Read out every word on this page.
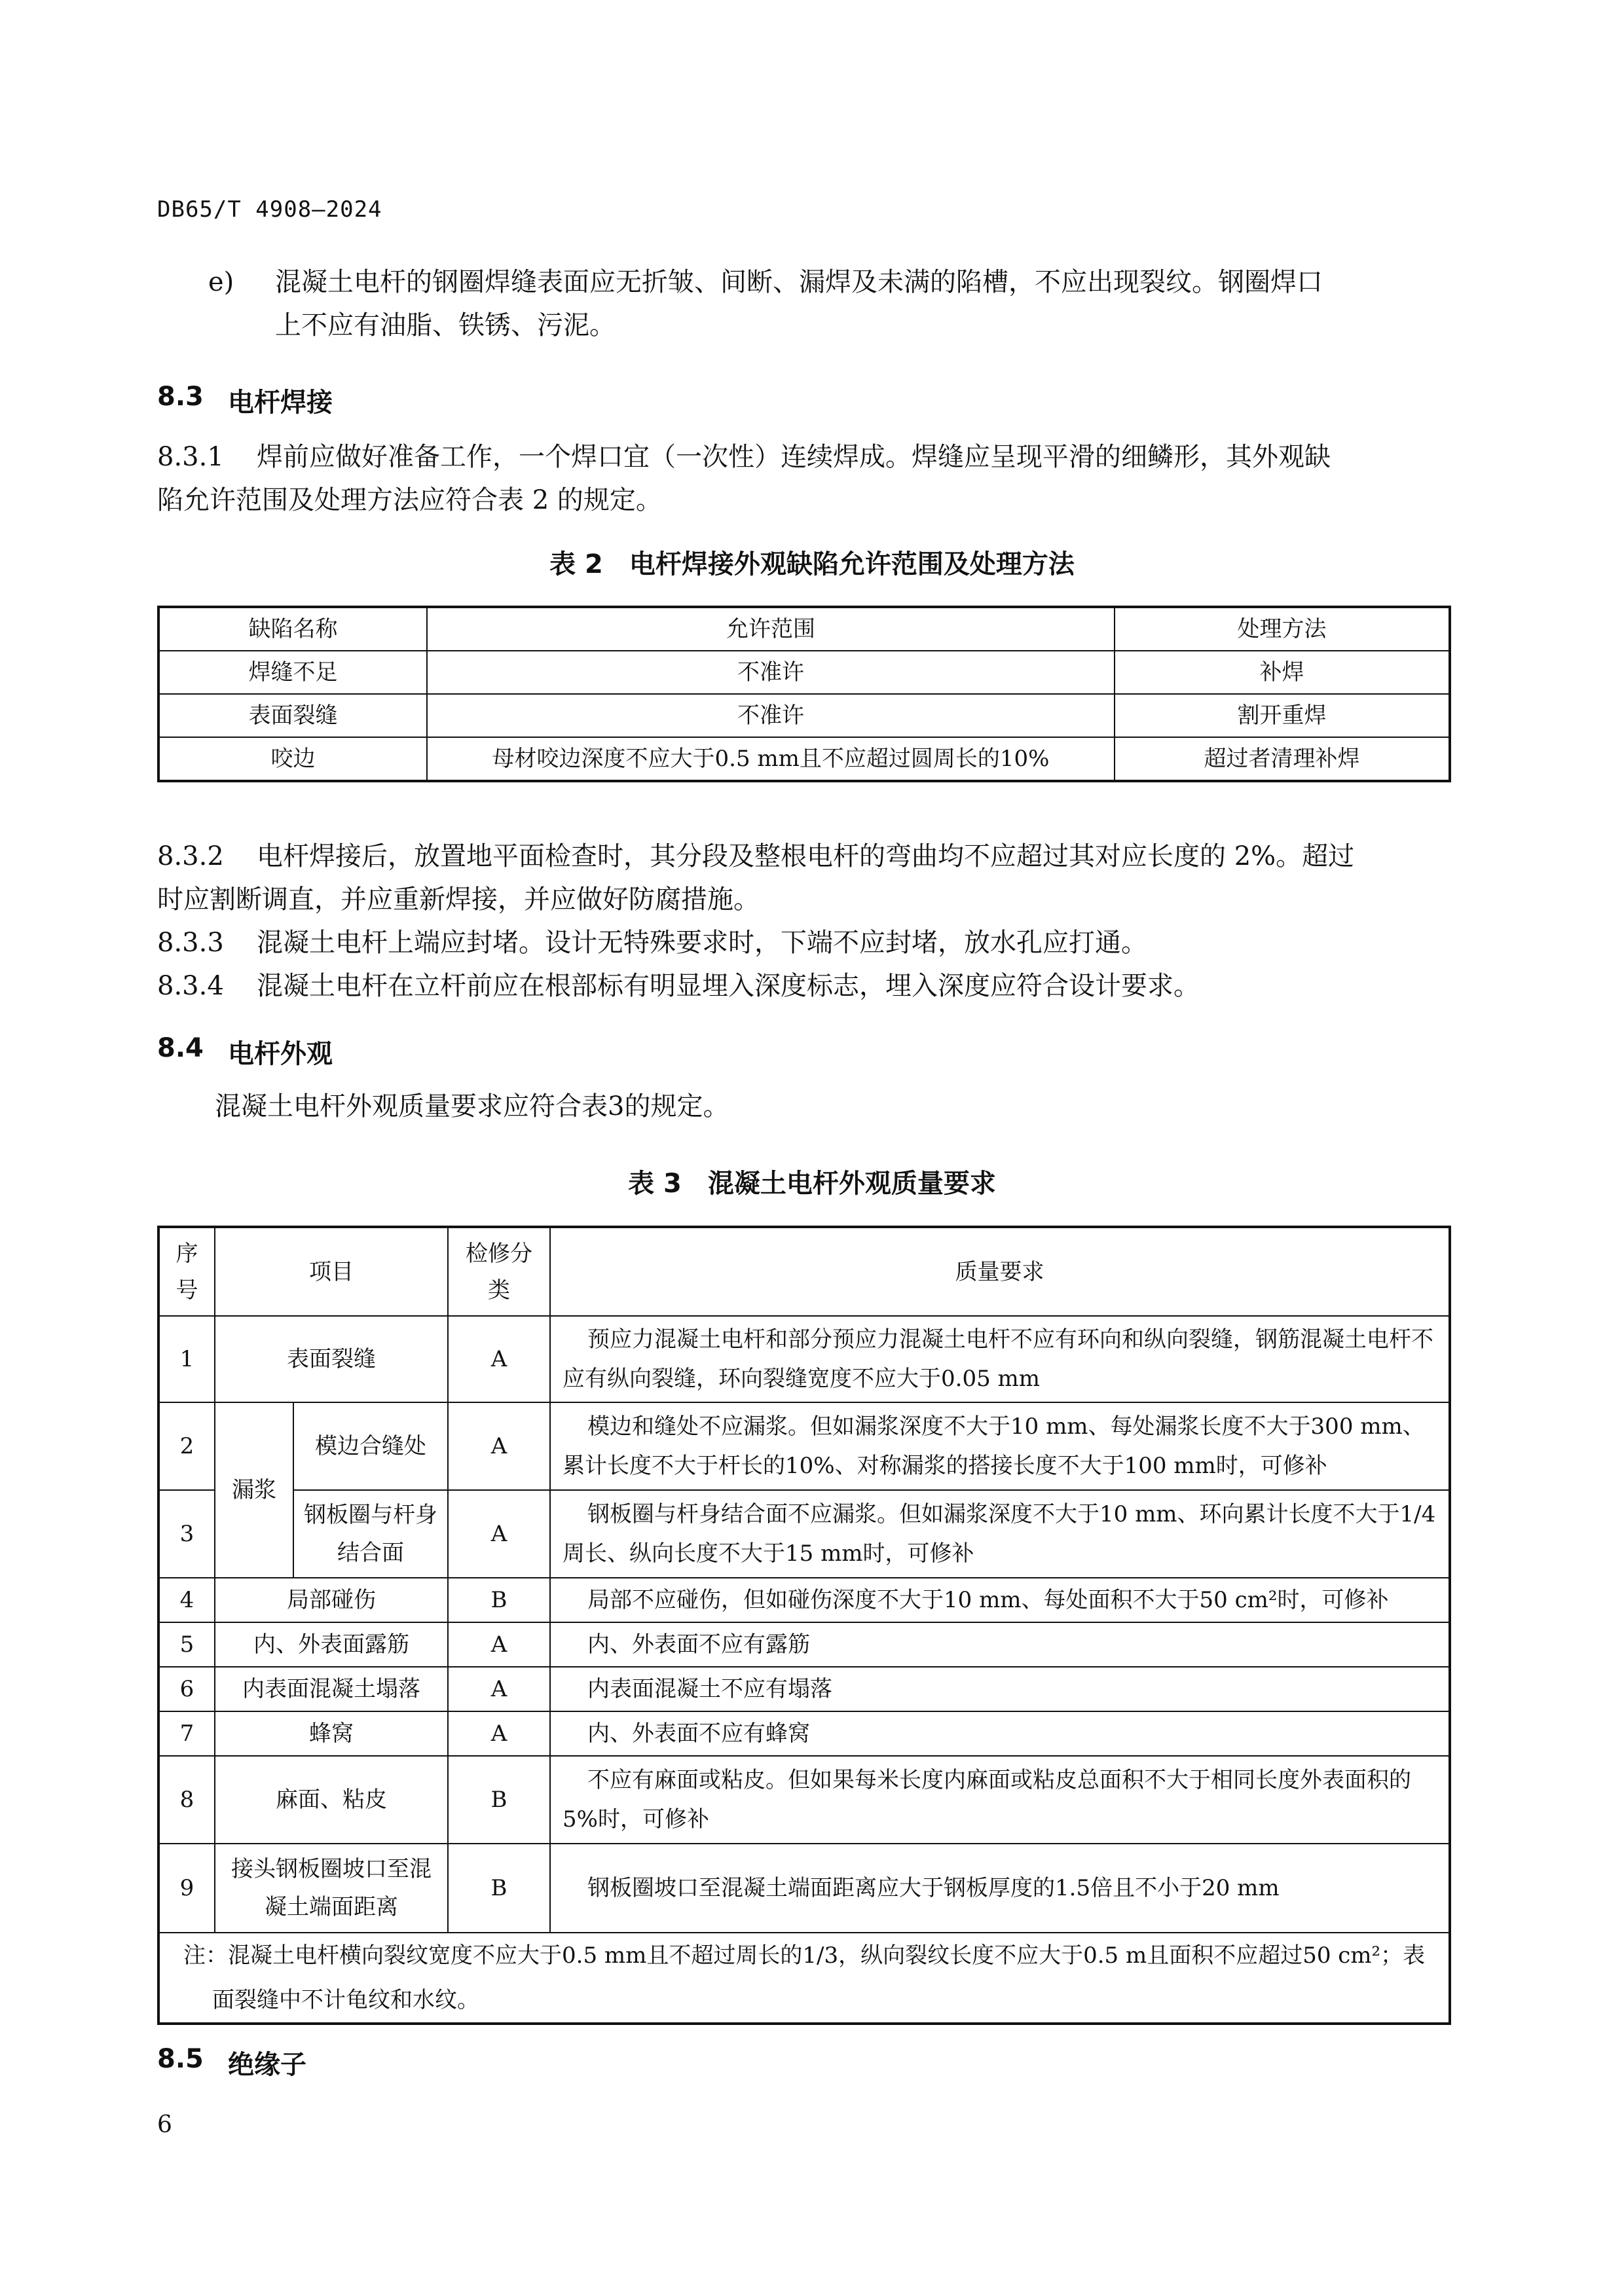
DB65/T 4908—2024
e) 混凝土电杆的钢圈焊缝表面应无折皱、间断、漏焊及未满的陷槽，不应出现裂纹。钢圈焊口
上不应有油脂、铁锈、污泥。
8.3 电杆焊接
8.3.1 焊前应做好准备工作，一个焊口宜（一次性）连续焊成。焊缝应呈现平滑的细鳞形，其外观缺
陷允许范围及处理方法应符合表 2 的规定。
表 2　电杆焊接外观缺陷允许范围及处理方法
缺陷名称	允许范围	处理方法
焊缝不足	不准许	补焊
表面裂缝	不准许	割开重焊
咬边	母材咬边深度不应大于0.5 mm且不应超过圆周长的10%	超过者清理补焊
8.3.2 电杆焊接后，放置地平面检查时，其分段及整根电杆的弯曲均不应超过其对应长度的 2%。超过
时应割断调直，并应重新焊接，并应做好防腐措施。
8.3.3 混凝土电杆上端应封堵。设计无特殊要求时，下端不应封堵，放水孔应打通。
8.3.4 混凝土电杆在立杆前应在根部标有明显埋入深度标志，埋入深度应符合设计要求。
8.4 电杆外观
混凝土电杆外观质量要求应符合表3的规定。
表 3　混凝土电杆外观质量要求
序号	项目		检修分类	质量要求
1	表面裂缝		A	预应力混凝土电杆和部分预应力混凝土电杆不应有环向和纵向裂缝，钢筋混凝土电杆不应有纵向裂缝，环向裂缝宽度不应大于0.05 mm
2	漏浆	模边合缝处	A	模边和缝处不应漏浆。但如漏浆深度不大于10 mm、每处漏浆长度不大于300 mm、累计长度不大于杆长的10%、对称漏浆的搭接长度不大于100 mm时，可修补
3		钢板圈与杆身结合面	A	钢板圈与杆身结合面不应漏浆。但如漏浆深度不大于10 mm、环向累计长度不大于1/4周长、纵向长度不大于15 mm时，可修补
4	局部碰伤		B	局部不应碰伤，但如碰伤深度不大于10 mm、每处面积不大于50 cm²时，可修补
5	内、外表面露筋		A	内、外表面不应有露筋
6	内表面混凝土塌落		A	内表面混凝土不应有塌落
7	蜂窝		A	内、外表面不应有蜂窝
8	麻面、粘皮		B	不应有麻面或粘皮。但如果每米长度内麻面或粘皮总面积不大于相同长度外表面积的5%时，可修补
9	接头钢板圈坡口至混凝土端面距离		B	钢板圈坡口至混凝土端面距离应大于钢板厚度的1.5倍且不小于20 mm
注：混凝土电杆横向裂纹宽度不应大于0.5 mm且不超过周长的1/3，纵向裂纹长度不应大于0.5 m且面积不应超过50 cm²；表面裂缝中不计龟纹和水纹。				
8.5 绝缘子
6
